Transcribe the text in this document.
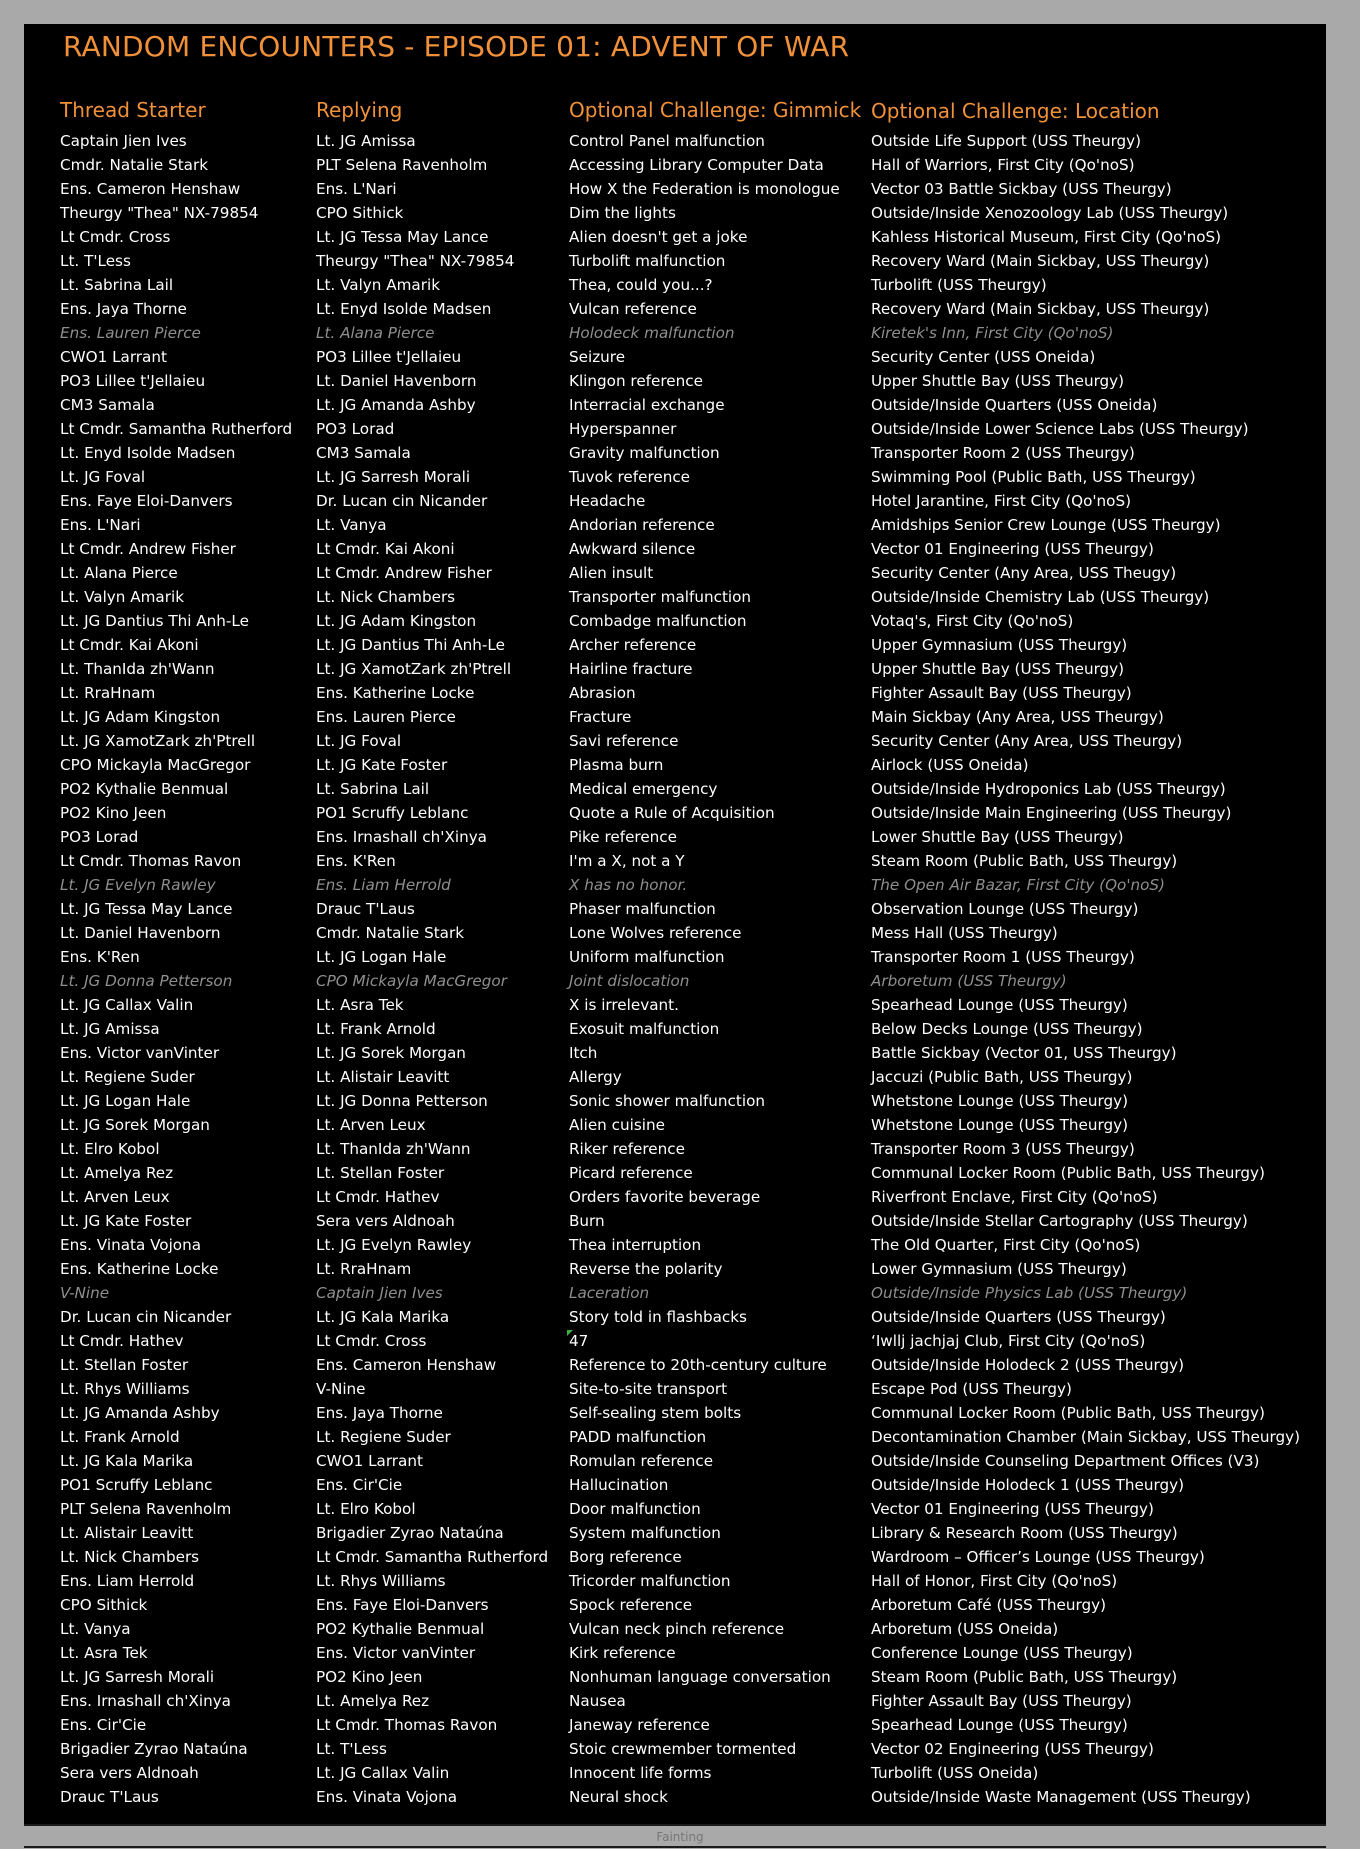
RANDOM ENCOUNTERS - EPISODE 01: ADVENT OF WAR
Thread Starter
Captain Jien Ives
Cmdr. Natalie Stark
Ens. Cameron Henshaw
Theurgy "Thea" NX-79854
Lt Cmdr. Cross
Lt. T'Less
Lt. Sabrina Lail
Ens. Jaya Thorne
Ens. Lauren Pierce
CWO1 Larrant
PO3 Lillee t'Jellaieu
CM3 Samala
Lt Cmdr. Samantha Rutherford
Lt. Enyd Isolde Madsen
Lt. JG Foval
Ens. Faye Eloi-Danvers
Ens. L'Nari
Lt Cmdr. Andrew Fisher
Lt. Alana Pierce
Lt. Valyn Amarik
Lt. JG Dantius Thi Anh-Le
Lt Cmdr. Kai Akoni
Lt. ThanIda zh'Wann
Lt. RraHnam
Lt. JG Adam Kingston
Lt. JG XamotZark zh'Ptrell
CPO Mickayla MacGregor
PO2 Kythalie Benmual
PO2 Kino Jeen
PO3 Lorad
Lt Cmdr. Thomas Ravon
Lt. JG Evelyn Rawley
Lt. JG Tessa May Lance
Lt. Daniel Havenborn
Ens. K'Ren
Lt. JG Donna Petterson
Lt. JG Callax Valin
Lt. JG Amissa
Ens. Victor vanVinter
Lt. Regiene Suder
Lt. JG Logan Hale
Lt. JG Sorek Morgan
Lt. Elro Kobol
Lt. Amelya Rez
Lt. Arven Leux
Lt. JG Kate Foster
Ens. Vinata Vojona
Ens. Katherine Locke
V-Nine
Dr. Lucan cin Nicander
Lt Cmdr. Hathev
Lt. Stellan Foster
Lt. Rhys Williams
Lt. JG Amanda Ashby
Lt. Frank Arnold
Lt. JG Kala Marika
PO1 Scruffy Leblanc
PLT Selena Ravenholm
Lt. Alistair Leavitt
Lt. Nick Chambers
Ens. Liam Herrold
CPO Sithick
Lt. Vanya
Lt. Asra Tek
Lt. JG Sarresh Morali
Ens. Irnashall ch'Xinya
Ens. Cir'Cie
Brigadier Zyrao Nataúna
Sera vers Aldnoah
Drauc T'Laus
Replying
Lt. JG Amissa
PLT Selena Ravenholm
Ens. L'Nari
CPO Sithick
Lt. JG Tessa May Lance
Theurgy "Thea" NX-79854
Lt. Valyn Amarik
Lt. Enyd Isolde Madsen
Lt. Alana Pierce
PO3 Lillee t'Jellaieu
Lt. Daniel Havenborn
Lt. JG Amanda Ashby
PO3 Lorad
CM3 Samala
Lt. JG Sarresh Morali
Dr. Lucan cin Nicander
Lt. Vanya
Lt Cmdr. Kai Akoni
Lt Cmdr. Andrew Fisher
Lt. Nick Chambers
Lt. JG Adam Kingston
Lt. JG Dantius Thi Anh-Le
Lt. JG XamotZark zh'Ptrell
Ens. Katherine Locke
Ens. Lauren Pierce
Lt. JG Foval
Lt. JG Kate Foster
Lt. Sabrina Lail
PO1 Scruffy Leblanc
Ens. Irnashall ch'Xinya
Ens. K'Ren
Ens. Liam Herrold
Drauc T'Laus
Cmdr. Natalie Stark
Lt. JG Logan Hale
CPO Mickayla MacGregor
Lt. Asra Tek
Lt. Frank Arnold
Lt. JG Sorek Morgan
Lt. Alistair Leavitt
Lt. JG Donna Petterson
Lt. Arven Leux
Lt. ThanIda zh'Wann
Lt. Stellan Foster
Lt Cmdr. Hathev
Sera vers Aldnoah
Lt. JG Evelyn Rawley
Lt. RraHnam
Captain Jien Ives
Lt. JG Kala Marika
Lt Cmdr. Cross
Ens. Cameron Henshaw
V-Nine
Ens. Jaya Thorne
Lt. Regiene Suder
CWO1 Larrant
Ens. Cir'Cie
Lt. Elro Kobol
Brigadier Zyrao Nataúna
Lt Cmdr. Samantha Rutherford
Lt. Rhys Williams
Ens. Faye Eloi-Danvers
PO2 Kythalie Benmual
Ens. Victor vanVinter
PO2 Kino Jeen
Lt. Amelya Rez
Lt Cmdr. Thomas Ravon
Lt. T'Less
Lt. JG Callax Valin
Ens. Vinata Vojona
Optional Challenge: Gimmick
Control Panel malfunction
Accessing Library Computer Data
How X the Federation is monologue
Dim the lights
Alien doesn't get a joke
Turbolift malfunction
Thea, could you...?
Vulcan reference
Holodeck malfunction
Seizure
Klingon reference
Interracial exchange
Hyperspanner
Gravity malfunction
Tuvok reference
Headache
Andorian reference
Awkward silence
Alien insult
Transporter malfunction
Combadge malfunction
Archer reference
Hairline fracture
Abrasion
Fracture
Savi reference
Plasma burn
Medical emergency
Quote a Rule of Acquisition
Pike reference
I'm a X, not a Y
X has no honor.
Phaser malfunction
Lone Wolves reference
Uniform malfunction
Joint dislocation
X is irrelevant.
Exosuit malfunction
Itch
Allergy
Sonic shower malfunction
Alien cuisine
Riker reference
Picard reference
Orders favorite beverage
Burn
Thea interruption
Reverse the polarity
Laceration
Story told in flashbacks
47
Reference to 20th-century culture
Site-to-site transport
Self-sealing stem bolts
PADD malfunction
Romulan reference
Hallucination
Door malfunction
System malfunction
Borg reference
Tricorder malfunction
Spock reference
Vulcan neck pinch reference
Kirk reference
Nonhuman language conversation
Nausea
Janeway reference
Stoic crewmember tormented
Innocent life forms
Neural shock
Optional Challenge: Location
Outside Life Support (USS Theurgy)
Hall of Warriors, First City (Qo'noS)
Vector 03 Battle Sickbay (USS Theurgy)
Outside/Inside Xenozoology Lab (USS Theurgy)
Kahless Historical Museum, First City (Qo'noS)
Recovery Ward (Main Sickbay, USS Theurgy)
Turbolift (USS Theurgy)
Recovery Ward (Main Sickbay, USS Theurgy)
Kiretek's Inn, First City (Qo'noS)
Security Center (USS Oneida)
Upper Shuttle Bay (USS Theurgy)
Outside/Inside Quarters (USS Oneida)
Outside/Inside Lower Science Labs (USS Theurgy)
Transporter Room 2 (USS Theurgy)
Swimming Pool (Public Bath, USS Theurgy)
Hotel Jarantine, First City (Qo'noS)
Amidships Senior Crew Lounge (USS Theurgy)
Vector 01 Engineering (USS Theurgy)
Security Center (Any Area, USS Theugy)
Outside/Inside Chemistry Lab (USS Theurgy)
Votaq's, First City (Qo'noS)
Upper Gymnasium (USS Theurgy)
Upper Shuttle Bay (USS Theurgy)
Fighter Assault Bay (USS Theurgy)
Main Sickbay (Any Area, USS Theurgy)
Security Center (Any Area, USS Theurgy)
Airlock (USS Oneida)
Outside/Inside Hydroponics Lab (USS Theurgy)
Outside/Inside Main Engineering (USS Theurgy)
Lower Shuttle Bay (USS Theurgy)
Steam Room (Public Bath, USS Theurgy)
The Open Air Bazar, First City (Qo'noS)
Observation Lounge (USS Theurgy)
Mess Hall (USS Theurgy)
Transporter Room 1 (USS Theurgy)
Arboretum (USS Theurgy)
Spearhead Lounge (USS Theurgy)
Below Decks Lounge (USS Theurgy)
Battle Sickbay (Vector 01, USS Theurgy)
Jaccuzi (Public Bath, USS Theurgy)
Whetstone Lounge (USS Theurgy)
Whetstone Lounge (USS Theurgy)
Transporter Room 3 (USS Theurgy)
Communal Locker Room (Public Bath, USS Theurgy)
Riverfront Enclave, First City (Qo'noS)
Outside/Inside Stellar Cartography (USS Theurgy)
The Old Quarter, First City (Qo'noS)
Lower Gymnasium (USS Theurgy)
Outside/Inside Physics Lab (USS Theurgy)
Outside/Inside Quarters (USS Theurgy)
‘Iwllj jachjaj Club, First City (Qo'noS)
Outside/Inside Holodeck 2 (USS Theurgy)
Escape Pod (USS Theurgy)
Communal Locker Room (Public Bath, USS Theurgy)
Decontamination Chamber (Main Sickbay, USS Theurgy)
Outside/Inside Counseling Department Offices (V3)
Outside/Inside Holodeck 1 (USS Theurgy)
Vector 01 Engineering (USS Theurgy)
Library & Research Room (USS Theurgy)
Wardroom – Officer’s Lounge (USS Theurgy)
Hall of Honor, First City (Qo'noS)
Arboretum Café (USS Theurgy)
Arboretum (USS Oneida)
Conference Lounge (USS Theurgy)
Steam Room (Public Bath, USS Theurgy)
Fighter Assault Bay (USS Theurgy)
Spearhead Lounge (USS Theurgy)
Vector 02 Engineering (USS Theurgy)
Turbolift (USS Oneida)
Outside/Inside Waste Management (USS Theurgy)
Fainting
